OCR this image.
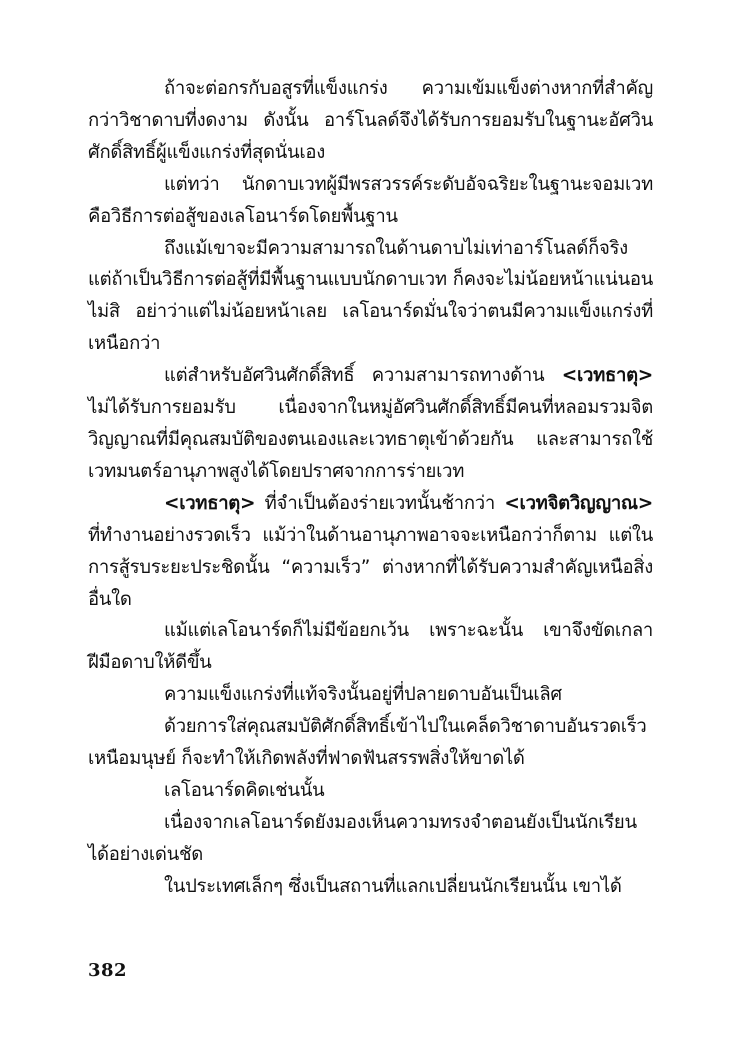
ถ้าจะต่อกรกับอสูรที่แข็งแกร่ง ความเข้มแข็งต่างหากที่สำคัญกว่าวิชาดาบที่งดงาม ดังนั้น อาร์โนลด์จึงได้รับการยอมรับในฐานะอัศวินศักดิ์สิทธิ์ผู้แข็งแกร่งที่สุดนั่นเอง

แต่ทว่า นักดาบเวทผู้มีพรสวรรค์ระดับอัจฉริยะในฐานะจอมเวทคือวิธีการต่อสู้ของเลโอนาร์ดโดยพื้นฐาน

ถึงแม้เขาจะมีความสามารถในด้านดาบไม่เท่าอาร์โนลด์ก็จริง แต่ถ้าเป็นวิธีการต่อสู้ที่มีพื้นฐานแบบนักดาบเวท ก็คงจะไม่น้อยหน้าแน่นอน ไม่สิ อย่าว่าแต่ไม่น้อยหน้าเลย เลโอนาร์ดมั่นใจว่าตนมีความแข็งแกร่งที่เหนือกว่า

แต่สำหรับอัศวินศักดิ์สิทธิ์ ความสามารถทางด้าน <เวทธาตุ> ไม่ได้รับการยอมรับ เนื่องจากในหมู่อัศวินศักดิ์สิทธิ์มีคนที่หลอมรวมจิตวิญญาณที่มีคุณสมบัติของตนเองและเวทธาตุเข้าด้วยกัน และสามารถใช้เวทมนตร์อานุภาพสูงได้โดยปราศจากการร่ายเวท

<เวทธาตุ> ที่จำเป็นต้องร่ายเวทนั้นช้ากว่า <เวทจิตวิญญาณ> ที่ทำงานอย่างรวดเร็ว แม้ว่าในด้านอานุภาพอาจจะเหนือกว่าก็ตาม แต่ในการสู้รบระยะประชิดนั้น “ความเร็ว” ต่างหากที่ได้รับความสำคัญเหนือสิ่งอื่นใด

แม้แต่เลโอนาร์ดก็ไม่มีข้อยกเว้น เพราะฉะนั้น เขาจึงขัดเกลาฝีมือดาบให้ดีขึ้น

ความแข็งแกร่งที่แท้จริงนั้นอยู่ที่ปลายดาบอันเป็นเลิศ

ด้วยการใส่คุณสมบัติศักดิ์สิทธิ์เข้าไปในเคล็ดวิชาดาบอันรวดเร็วเหนือมนุษย์ ก็จะทำให้เกิดพลังที่ฟาดฟันสรรพสิ่งให้ขาดได้

เลโอนาร์ดคิดเช่นนั้น

เนื่องจากเลโอนาร์ดยังมองเห็นความทรงจำตอนยังเป็นนักเรียนได้อย่างเด่นชัด

ในประเทศเล็กๆ ซึ่งเป็นสถานที่แลกเปลี่ยนนักเรียนนั้น เขาได้

382
